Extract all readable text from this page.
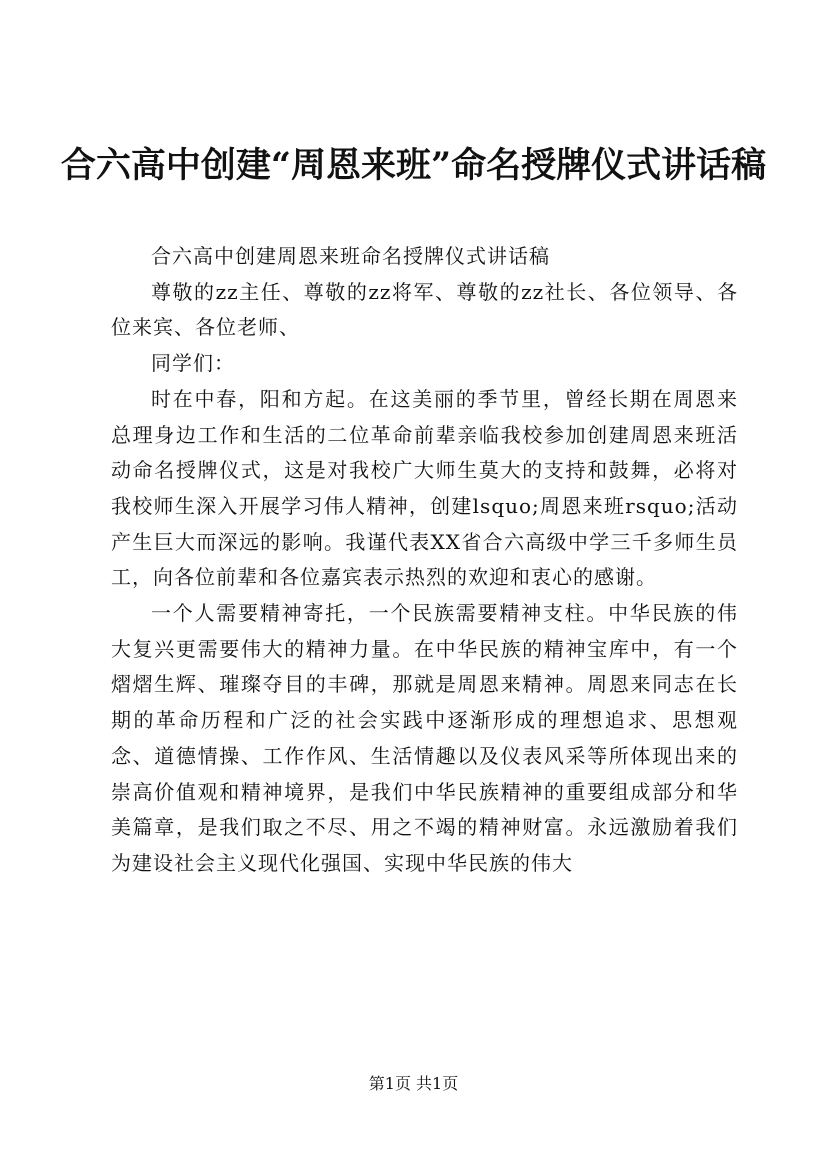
合六高中创建“周恩来班”命名授牌仪式讲话稿

合六高中创建周恩来班命名授牌仪式讲话稿

尊敬的zz主任、尊敬的zz将军、尊敬的zz社长、各位领导、各位来宾、各位老师、

同学们：

时在中春，阳和方起。在这美丽的季节里，曾经长期在周恩来总理身边工作和生活的二位革命前辈亲临我校参加创建周恩来班活动命名授牌仪式，这是对我校广大师生莫大的支持和鼓舞，必将对我校师生深入开展学习伟人精神，创建lsquo;周恩来班rsquo;活动产生巨大而深远的影响。我谨代表XX省合六高级中学三千多师生员工，向各位前辈和各位嘉宾表示热烈的欢迎和衷心的感谢。

一个人需要精神寄托，一个民族需要精神支柱。中华民族的伟大复兴更需要伟大的精神力量。在中华民族的精神宝库中，有一个熠熠生辉、璀璨夺目的丰碑，那就是周恩来精神。周恩来同志在长期的革命历程和广泛的社会实践中逐渐形成的理想追求、思想观念、道德情操、工作作风、生活情趣以及仪表风采等所体现出来的崇高价值观和精神境界，是我们中华民族精神的重要组成部分和华美篇章，是我们取之不尽、用之不竭的精神财富。永远激励着我们为建设社会主义现代化强国、实现中华民族的伟大

第1页 共1页
